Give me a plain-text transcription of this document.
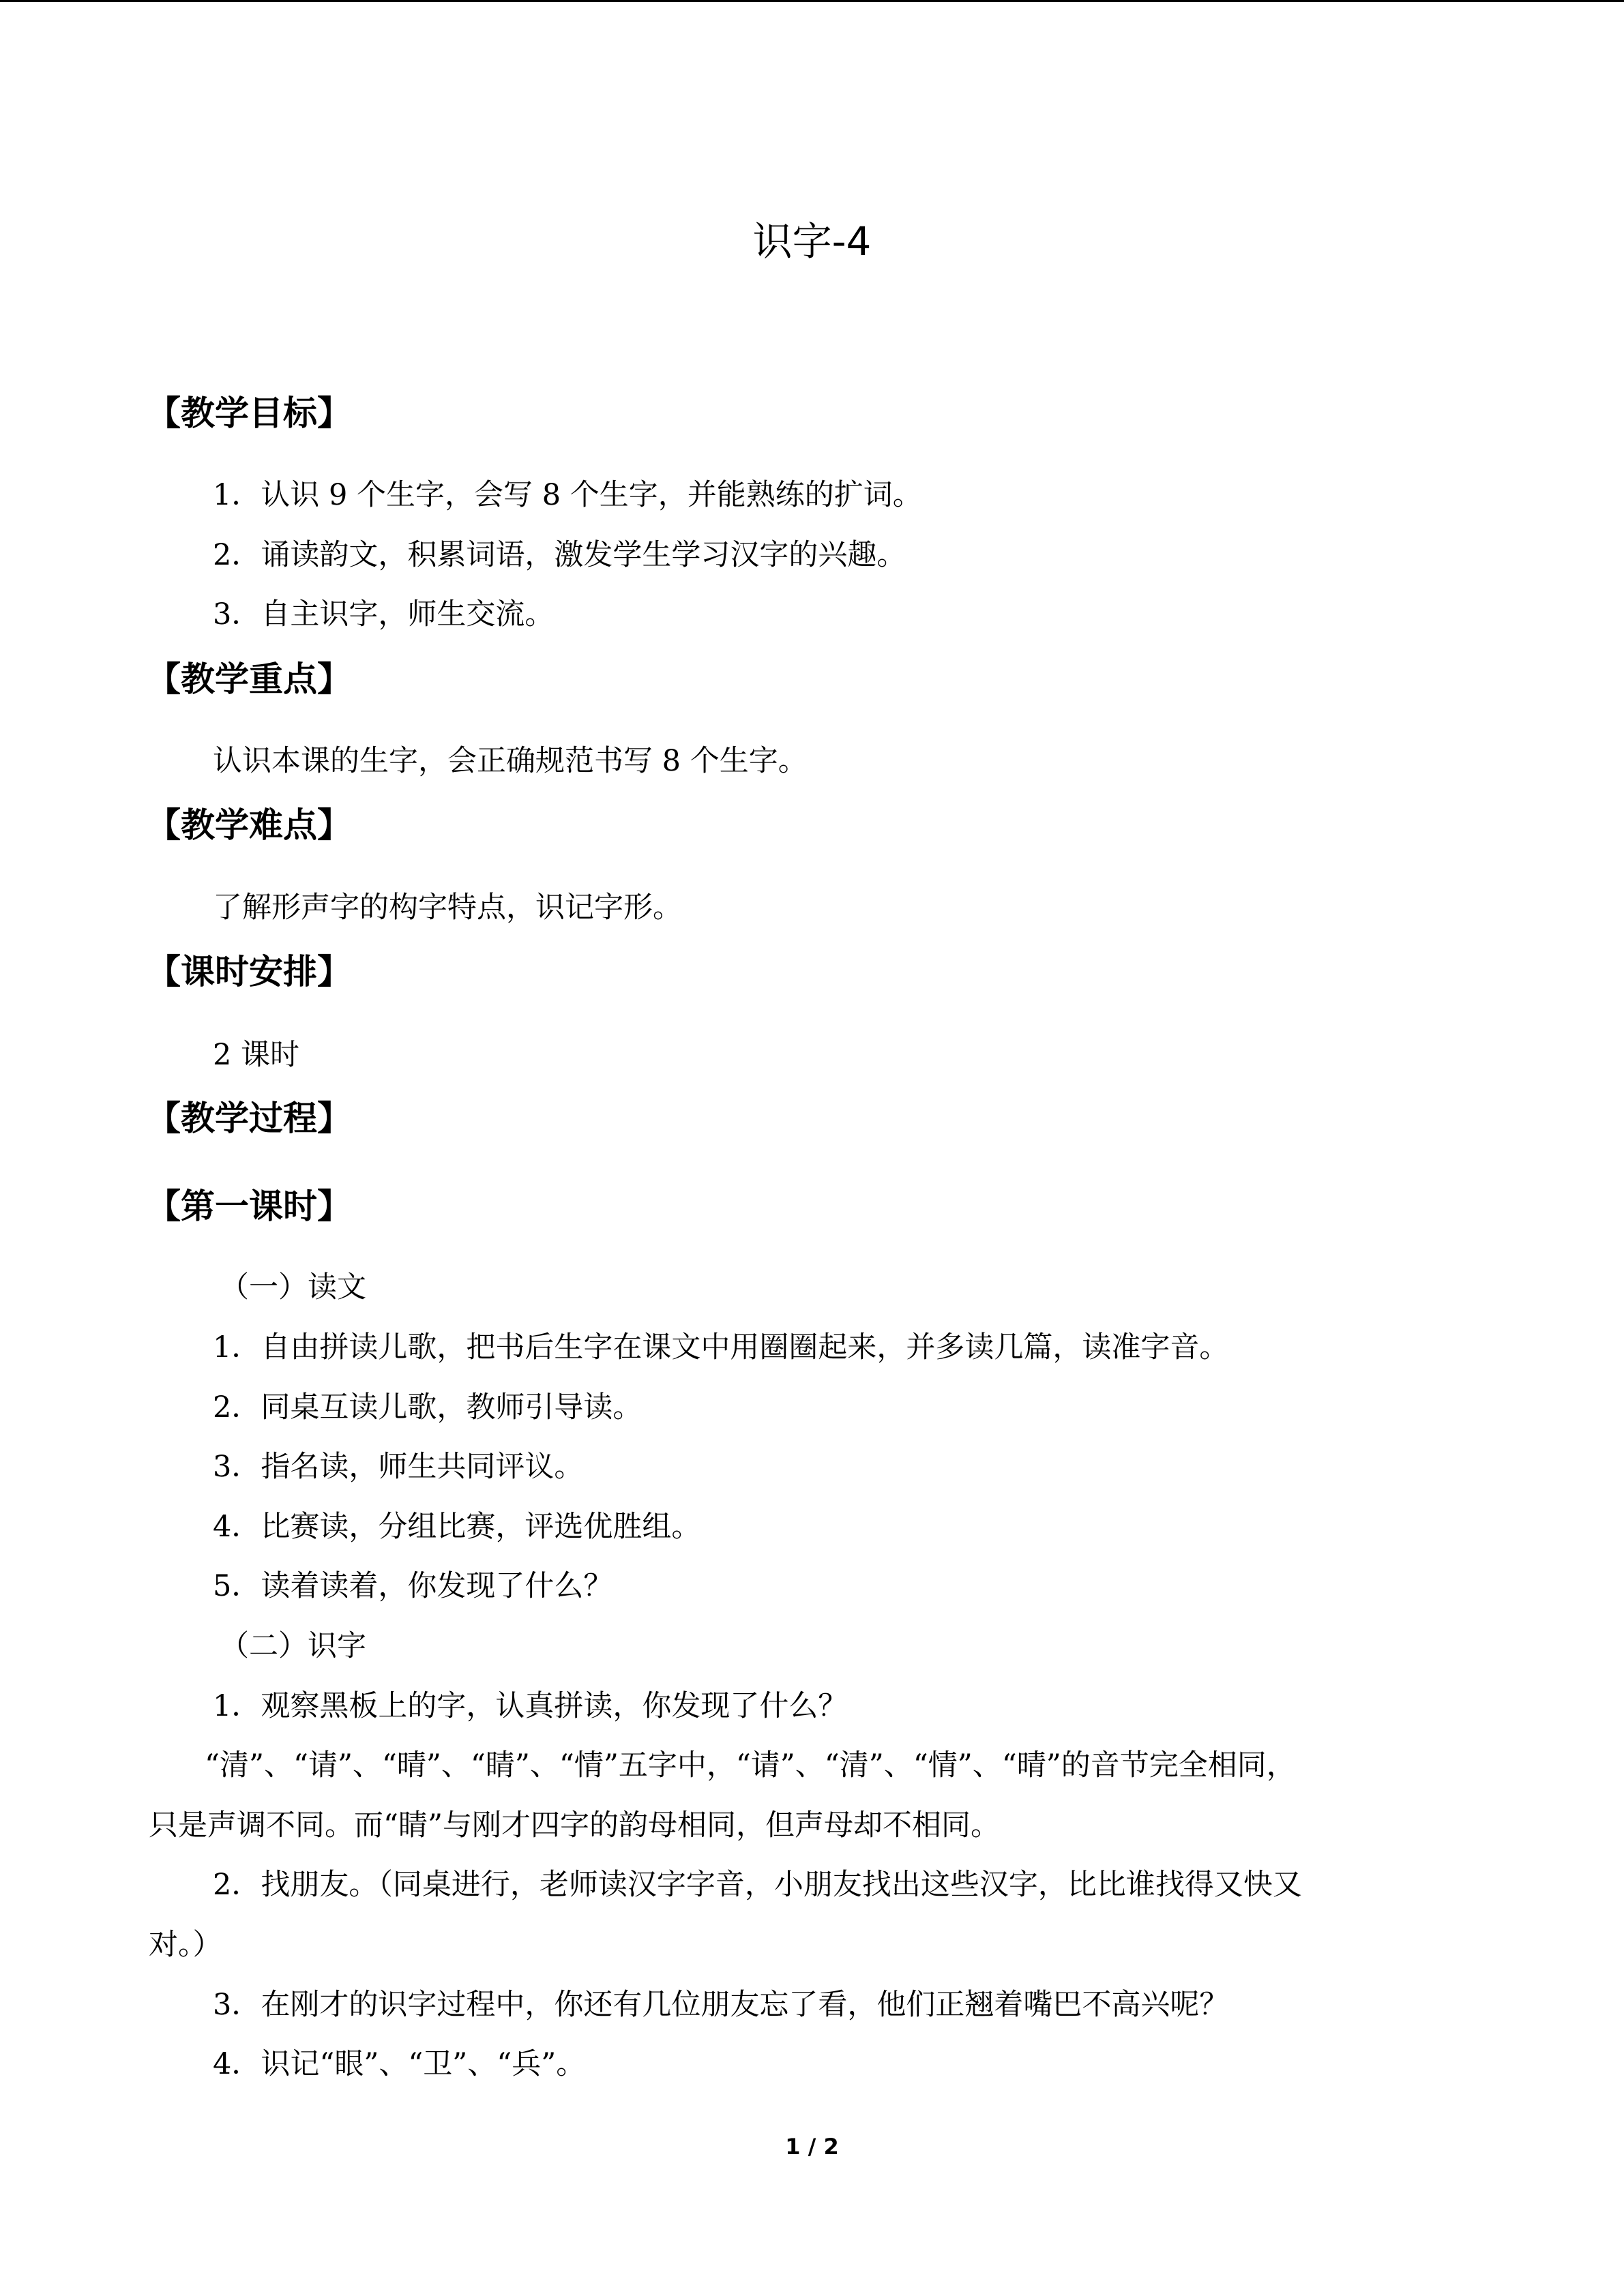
识字-4
【教学目标】
1．认识 9 个生字，会写 8 个生字，并能熟练的扩词。
2．诵读韵文，积累词语，激发学生学习汉字的兴趣。
3．自主识字，师生交流。
【教学重点】
认识本课的生字，会正确规范书写 8 个生字。
【教学难点】
了解形声字的构字特点，识记字形。
【课时安排】
2 课时
【教学过程】
【第一课时】
（一）读文
1．自由拼读儿歌，把书后生字在课文中用圈圈起来，并多读几篇，读准字音。
2．同桌互读儿歌，教师引导读。
3．指名读，师生共同评议。
4．比赛读，分组比赛，评选优胜组。
5．读着读着，你发现了什么？
（二）识字
1．观察黑板上的字，认真拼读，你发现了什么？
“清”、“请”、“晴”、“睛”、“情”五字中，“请”、“清”、“情”、“晴”的音节完全相同，
只是声调不同。而“睛”与刚才四字的韵母相同，但声母却不相同。
2．找朋友。（同桌进行，老师读汉字字音，小朋友找出这些汉字，比比谁找得又快又
对。）
3．在刚才的识字过程中，你还有几位朋友忘了看，他们正翘着嘴巴不高兴呢？
4．识记“眼”、“卫”、“兵”。
1 / 2
